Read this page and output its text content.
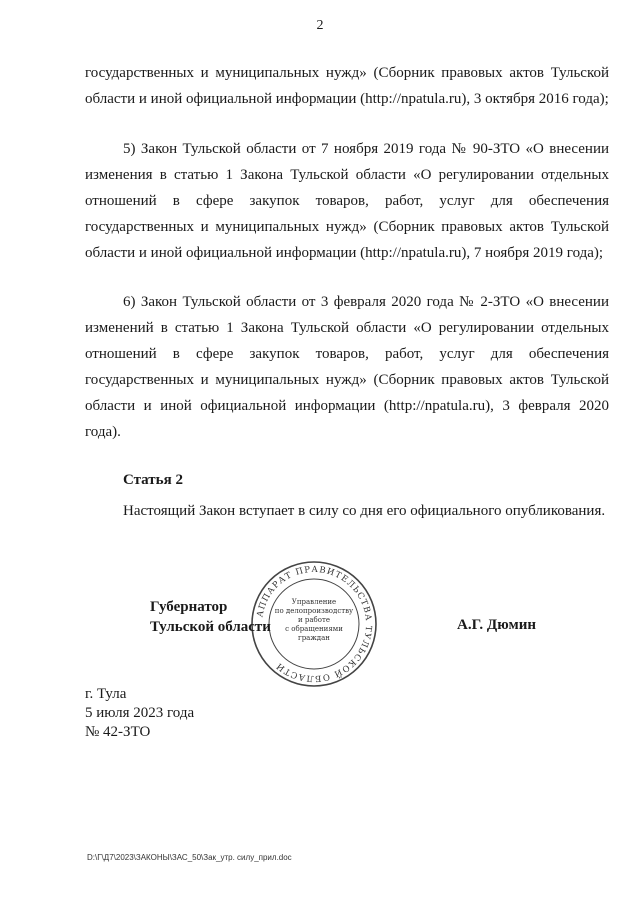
2

государственных и муниципальных нужд» (Сборник правовых актов Тульской области и иной официальной информации (http://npatula.ru), 3 октября 2016 года);

5) Закон Тульской области от 7 ноября 2019 года № 90-ЗТО «О внесении изменения в статью 1 Закона Тульской области «О регулировании отдельных отношений в сфере закупок товаров, работ, услуг для обеспечения государственных и муниципальных нужд» (Сборник правовых актов Тульской области и иной официальной информации (http://npatula.ru), 7 ноября 2019 года);

6) Закон Тульской области от 3 февраля 2020 года № 2-ЗТО «О внесении изменений в статью 1 Закона Тульской области «О регулировании отдельных отношений в сфере закупок товаров, работ, услуг для обеспечения государственных и муниципальных нужд» (Сборник правовых актов Тульской области и иной официальной информации (http://npatula.ru), 3 февраля 2020 года).

Статья 2

Настоящий Закон вступает в силу со дня его официального опубликования.

АППАРАТ ПРАВИТЕЛЬСТВА ТУЛЬСКОЙ ОБЛАСТИ
Управление
по делопроизводству
и работе
с обращениями
граждан
Губернатор
Тульской области	А.Г. Дюмин
г. Тула
5 июля 2023 года
№ 42-ЗТО
D:\Г\Д7\2023\ЗАКОНЫ\ЗАС_50\Зак_утр. силу_прил.doc
